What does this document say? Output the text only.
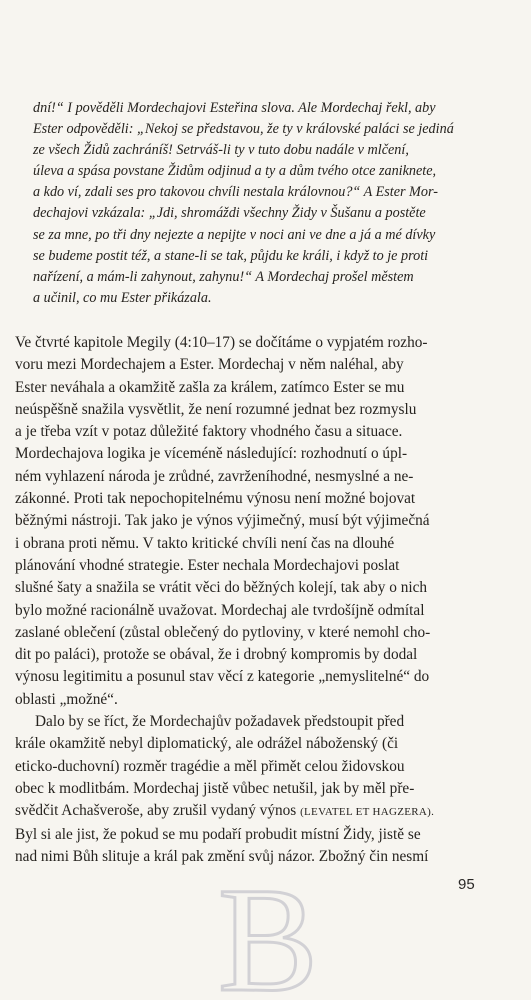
dní!“ I pověděli Mordechajovi Esteřina slova. Ale Mordechaj řekl, aby
Ester odpověděli: „Nekoj se představou, že ty v královské paláci se jediná
ze všech Židů zachráníš! Setrváš-li ty v tuto dobu nadále v mlčení,
úleva a spása povstane Židům odjinud a ty a dům tvého otce zaniknete,
a kdo ví, zdali ses pro takovou chvíli nestala královnou?“ A Ester Mor-
dechajovi vzkázala: „Jdi, shromáždi všechny Židy v Šušanu a postěte
se za mne, po tři dny nejezte a nepijte v noci ani ve dne a já a mé dívky
se budeme postit též, a stane-li se tak, půjdu ke králi, i když to je proti
nařízení, a mám-li zahynout, zahynu!“ A Mordechaj prošel městem
a učinil, co mu Ester přikázala.
Ve čtvrté kapitole Megily (4:10–17) se dočítáme o vypjatém rozho-
voru mezi Mordechajem a Ester. Mordechaj v něm naléhal, aby
Ester neváhala a okamžitě zašla za králem, zatímco Ester se mu
neúspěšně snažila vysvětlit, že není rozumné jednat bez rozmyslu
a je třeba vzít v potaz důležité faktory vhodného času a situace.
Mordechajova logika je víceméně následující: rozhodnutí o úpl-
ném vyhlazení národa je zrůdné, zavrženíhodné, nesmyslné a ne-
zákonné. Proti tak nepochopitelnému výnosu není možné bojovat
běžnými nástroji. Tak jako je výnos výjimečný, musí být výjimečná
i obrana proti němu. V takto kritické chvíli není čas na dlouhé
plánování vhodné strategie. Ester nechala Mordechajovi poslat
slušné šaty a snažila se vrátit věci do běžných kolejí, tak aby o nich
bylo možné racionálně uvažovat. Mordechaj ale tvrdošíjně odmítal
zaslané oblečení (zůstal oblečený do pytloviny, v které nemohl cho-
dit po paláci), protože se obával, že i drobný kompromis by dodal
výnosu legitimitu a posunul stav věcí z kategorie „nemyslitelné“ do
oblasti „možné“.
Dalo by se říct, že Mordechajův požadavek předstoupit před
krále okamžitě nebyl diplomatický, ale odrážel náboženský (či
eticko-duchovní) rozměr tragédie a měl přimět celou židovskou
obec k modlitbám. Mordechaj jistě vůbec netušil, jak by měl pře-
svědčit Achašveroše, aby zrušil vydaný výnos (LEVATEL ET HAGZERA).
Byl si ale jist, že pokud se mu podaří probudit místní Židy, jistě se
nad nimi Bůh slituje a král pak změní svůj názor. Zbožný čin nesmí
95
B
